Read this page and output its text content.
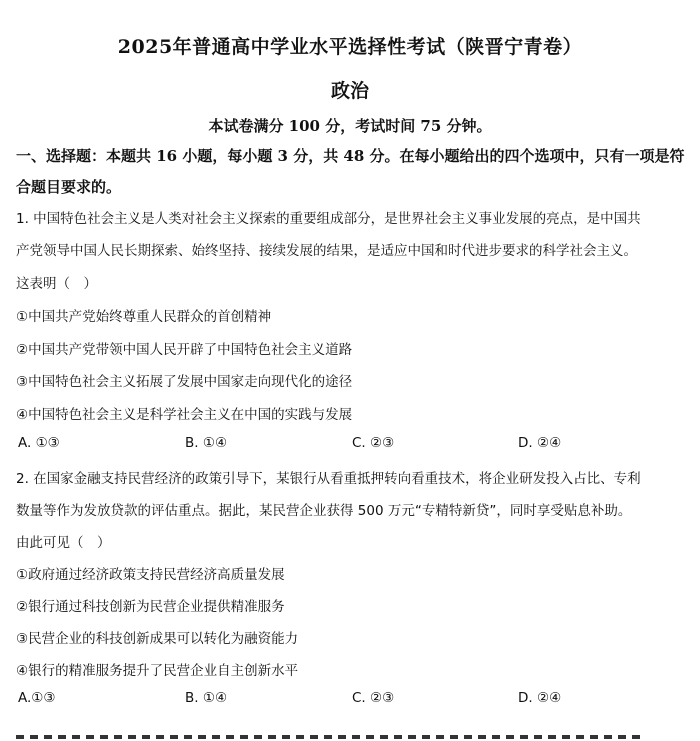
2025年普通高中学业水平选择性考试（陕晋宁青卷）
政治
本试卷满分 100 分，考试时间 75 分钟。
一、选择题：本题共 16 小题，每小题 3 分，共 48 分。在每小题给出的四个选项中，只有一项是符合题目要求的。
1. 中国特色社会主义是人类对社会主义探索的重要组成部分，是世界社会主义事业发展的亮点，是中国共
产党领导中国人民长期探索、始终坚持、接续发展的结果，是适应中国和时代进步要求的科学社会主义。
这表明（　）
①中国共产党始终尊重人民群众的首创精神
②中国共产党带领中国人民开辟了中国特色社会主义道路
③中国特色社会主义拓展了发展中国家走向现代化的途径
④中国特色社会主义是科学社会主义在中国的实践与发展
A. ①③	B. ①④	C. ②③	D. ②④
2. 在国家金融支持民营经济的政策引导下，某银行从看重抵押转向看重技术，将企业研发投入占比、专利
数量等作为发放贷款的评估重点。据此，某民营企业获得 500 万元“专精特新贷”，同时享受贴息补助。
由此可见（　）
①政府通过经济政策支持民营经济高质量发展
②银行通过科技创新为民营企业提供精准服务
③民营企业的科技创新成果可以转化为融资能力
④银行的精准服务提升了民营企业自主创新水平
A.①③	B. ①④	C. ②③	D. ②④
